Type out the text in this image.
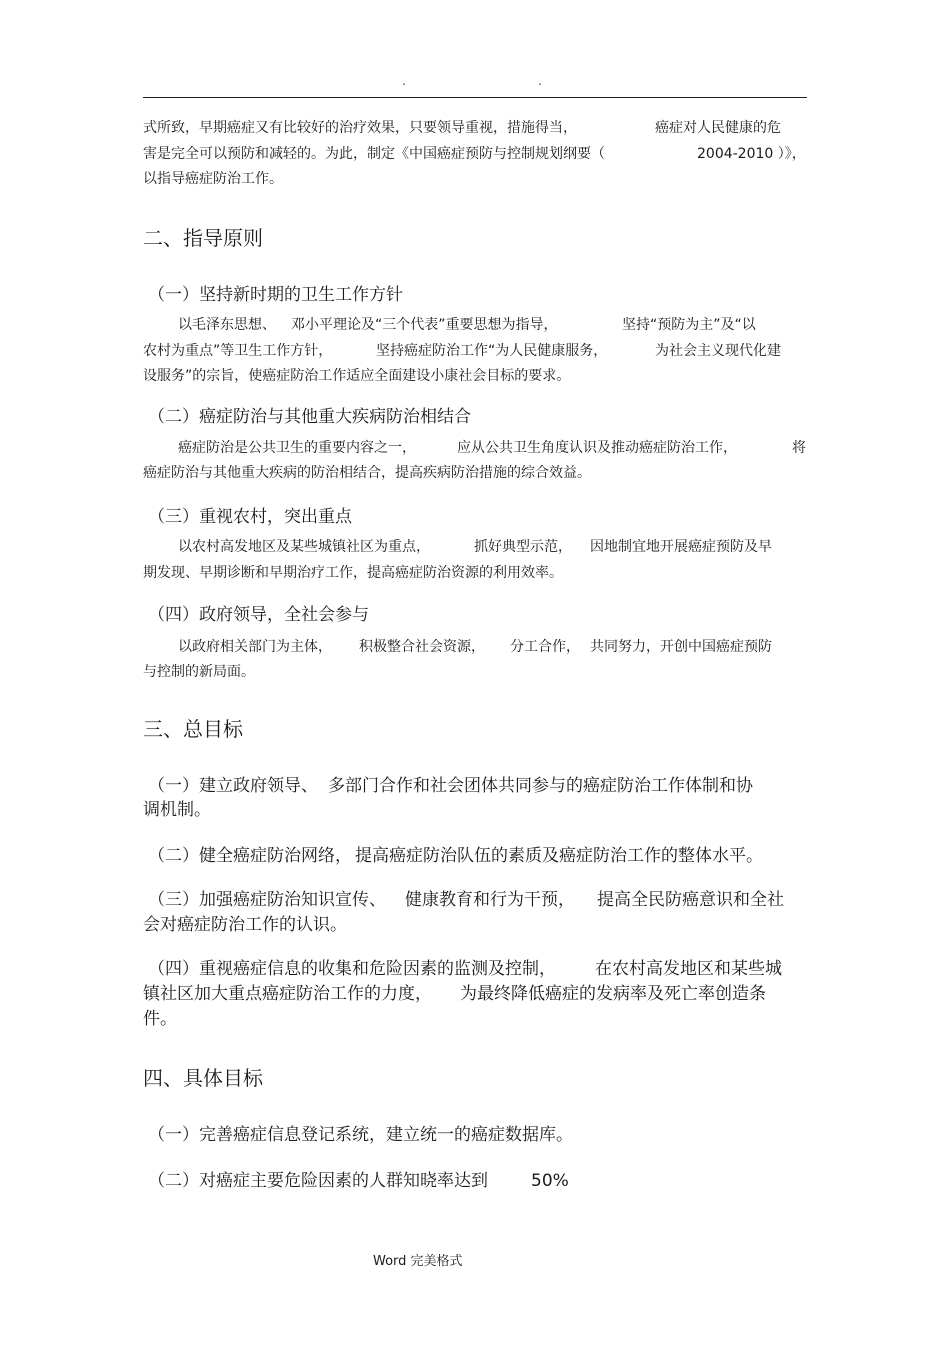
.	.
式所致，早期癌症又有比较好的治疗效果，只要领导重视，措施得当，	癌症对人民健康的危
害是完全可以预防和减轻的。为此，制定《中国癌症预防与控制规划纲要（	2004-2010 ）》，
以指导癌症防治工作。
二、指导原则
（一）坚持新时期的卫生工作方针
以毛泽东思想、 邓小平理论及“三个代表”重要思想为指导，	坚持“预防为主”及“以
农村为重点”等卫生工作方针，	坚持癌症防治工作“为人民健康服务，	为社会主义现代化建
设服务”的宗旨，使癌症防治工作适应全面建设小康社会目标的要求。
（二）癌症防治与其他重大疾病防治相结合
癌症防治是公共卫生的重要内容之一，	应从公共卫生角度认识及推动癌症防治工作，	将
癌症防治与其他重大疾病的防治相结合，提高疾病防治措施的综合效益。
（三）重视农村，突出重点
以农村高发地区及某些城镇社区为重点，	抓好典型示范， 因地制宜地开展癌症预防及早
期发现、早期诊断和早期治疗工作，提高癌症防治资源的利用效率。
（四）政府领导，全社会参与
以政府相关部门为主体， 积极整合社会资源， 分工合作， 共同努力，开创中国癌症预防
与控制的新局面。
三、总目标
（一）建立政府领导、 多部门合作和社会团体共同参与的癌症防治工作体制和协
调机制。
（二）健全癌症防治网络， 提高癌症防治队伍的素质及癌症防治工作的整体水平。
（三）加强癌症防治知识宣传、 健康教育和行为干预， 提高全民防癌意识和全社
会对癌症防治工作的认识。
（四）重视癌症信息的收集和危险因素的监测及控制， 在农村高发地区和某些城
镇社区加大重点癌症防治工作的力度， 为最终降低癌症的发病率及死亡率创造条
件。
四、具体目标
（一）完善癌症信息登记系统，建立统一的癌症数据库。
（二）对癌症主要危险因素的人群知晓率达到	50%
Word 完美格式
